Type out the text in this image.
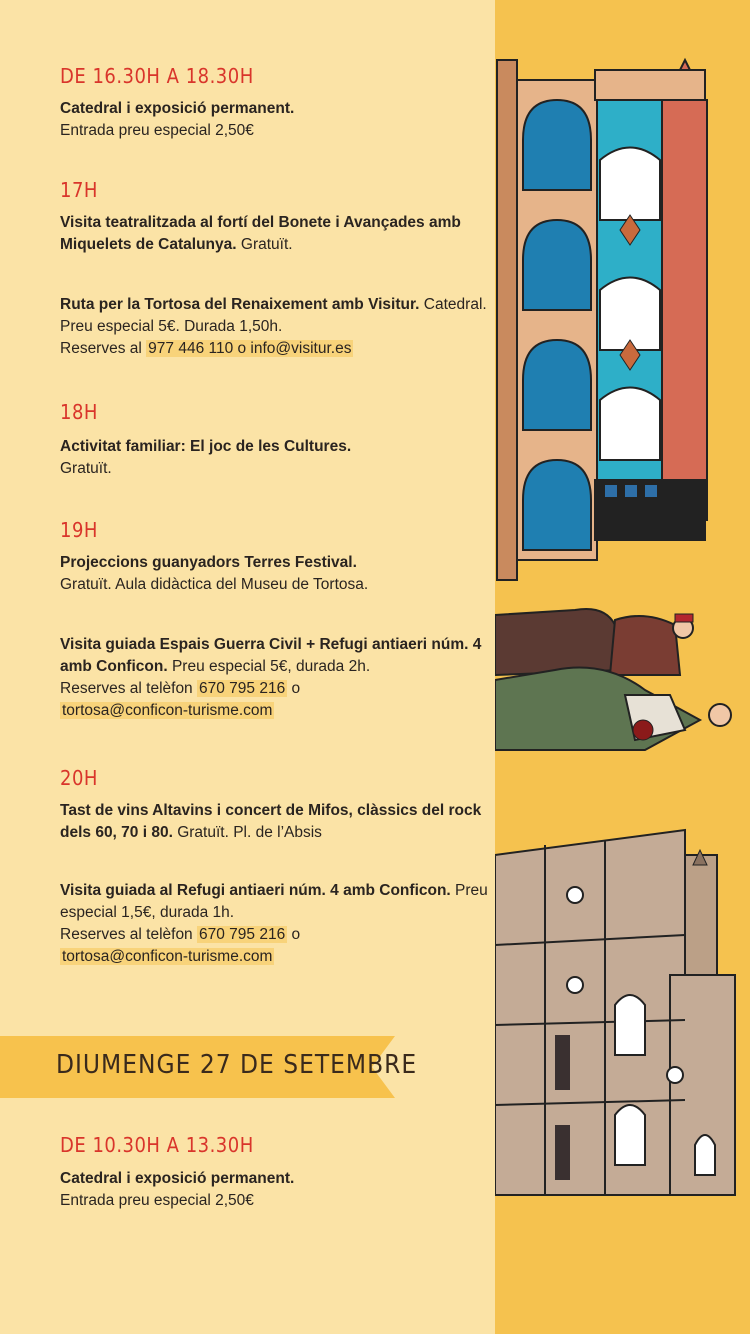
DE 16.30H A 18.30H
Catedral i exposició permanent.
Entrada preu especial 2,50€
17H
Visita teatralitzada al fortí del Bonete i Avançades amb Miquelets de Catalunya. Gratuït.
Ruta per la Tortosa del Renaixement amb Visitur. Catedral. Preu especial 5€. Durada 1,50h.
Reserves al 977 446 110 o info@visitur.es
18H
Activitat familiar: El joc de les Cultures.
Gratuït.
19H
Projeccions guanyadors Terres Festival.
Gratuït. Aula didàctica del Museu de Tortosa.
Visita guiada Espais Guerra Civil + Refugi antiaeri núm. 4 amb Conficon. Preu especial 5€, durada 2h.
Reserves al telèfon 670 795 216 o
tortosa@conficon-turisme.com
20H
Tast de vins Altavins i concert de Mifos, clàssics del rock dels 60, 70 i 80. Gratuït. Pl. de l’Absis
Visita guiada al Refugi antiaeri núm. 4 amb Conficon. Preu especial 1,5€, durada 1h.
Reserves al telèfon 670 795 216 o
tortosa@conficon-turisme.com
DIUMENGE 27 DE SETEMBRE
DE 10.30H A 13.30H
Catedral i exposició permanent.
Entrada preu especial 2,50€
